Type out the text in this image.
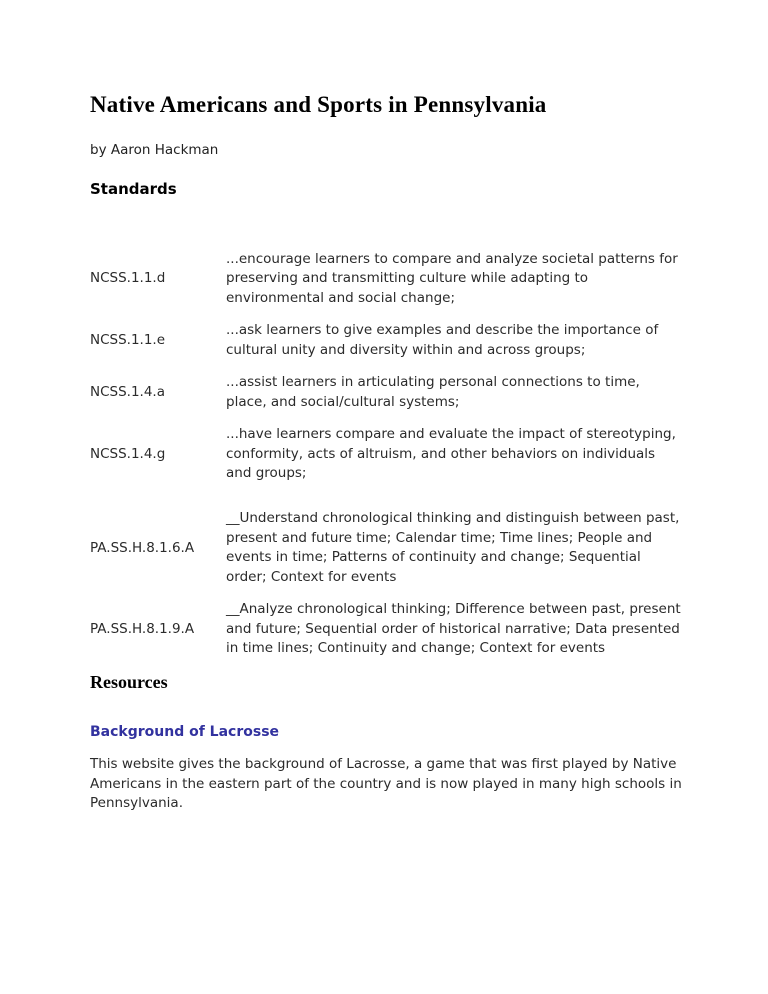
Native Americans and Sports in Pennsylvania
by Aaron Hackman
Standards
NCSS.1.1.d
...encourage learners to compare and analyze societal patterns for preserving and transmitting culture while adapting to environmental and social change;
NCSS.1.1.e
...ask learners to give examples and describe the importance of cultural unity and diversity within and across groups;
NCSS.1.4.a
...assist learners in articulating personal connections to time, place, and social/cultural systems;
NCSS.1.4.g
...have learners compare and evaluate the impact of stereotyping, conformity, acts of altruism, and other behaviors on individuals and groups;
PA.SS.H.8.1.6.A
__Understand chronological thinking and distinguish between past, present and future time; Calendar time; Time lines; People and events in time; Patterns of continuity and change; Sequential order; Context for events
PA.SS.H.8.1.9.A
__Analyze chronological thinking; Difference between past, present and future; Sequential order of historical narrative; Data presented in time lines; Continuity and change; Context for events
Resources
Background of Lacrosse

This website gives the background of Lacrosse, a game that was first played by Native Americans in the eastern part of the country and is now played in many high schools in Pennsylvania.
